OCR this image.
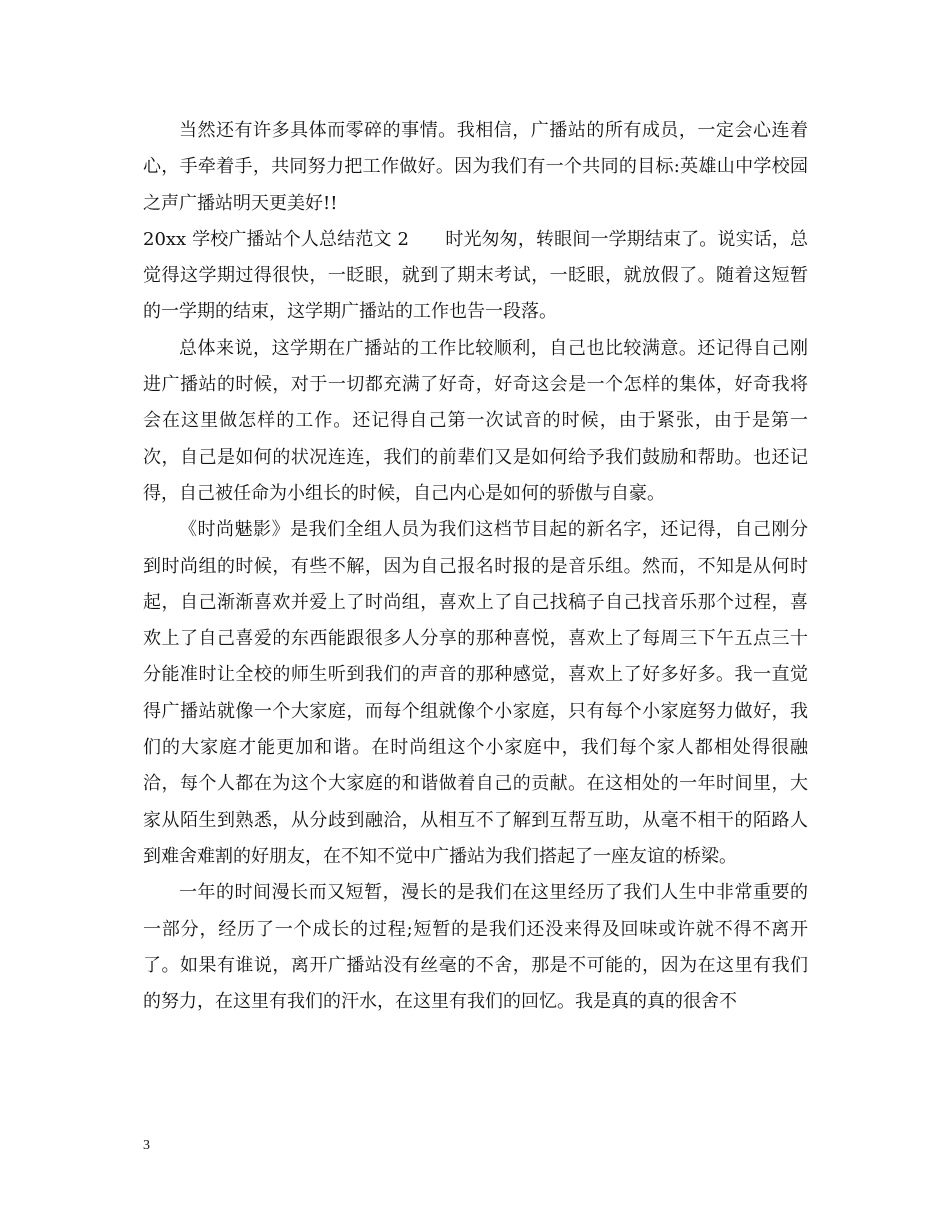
当然还有许多具体而零碎的事情。我相信，广播站的所有成员，一定会心连着心，手牵着手，共同努力把工作做好。因为我们有一个共同的目标:英雄山中学校园之声广播站明天更美好!!

20xx 学校广播站个人总结范文 2　　时光匆匆，转眼间一学期结束了。说实话，总觉得这学期过得很快，一眨眼，就到了期末考试，一眨眼，就放假了。随着这短暂的一学期的结束，这学期广播站的工作也告一段落。

总体来说，这学期在广播站的工作比较顺利，自己也比较满意。还记得自己刚进广播站的时候，对于一切都充满了好奇，好奇这会是一个怎样的集体，好奇我将会在这里做怎样的工作。还记得自己第一次试音的时候，由于紧张，由于是第一次，自己是如何的状况连连，我们的前辈们又是如何给予我们鼓励和帮助。也还记得，自己被任命为小组长的时候，自己内心是如何的骄傲与自豪。

《时尚魅影》是我们全组人员为我们这档节目起的新名字，还记得，自己刚分到时尚组的时候，有些不解，因为自己报名时报的是音乐组。然而，不知是从何时起，自己渐渐喜欢并爱上了时尚组，喜欢上了自己找稿子自己找音乐那个过程，喜欢上了自己喜爱的东西能跟很多人分享的那种喜悦，喜欢上了每周三下午五点三十分能准时让全校的师生听到我们的声音的那种感觉，喜欢上了好多好多。我一直觉得广播站就像一个大家庭，而每个组就像个小家庭，只有每个小家庭努力做好，我们的大家庭才能更加和谐。在时尚组这个小家庭中，我们每个家人都相处得很融洽，每个人都在为这个大家庭的和谐做着自己的贡献。在这相处的一年时间里，大家从陌生到熟悉，从分歧到融洽，从相互不了解到互帮互助，从毫不相干的陌路人到难舍难割的好朋友，在不知不觉中广播站为我们搭起了一座友谊的桥梁。

一年的时间漫长而又短暂，漫长的是我们在这里经历了我们人生中非常重要的一部分，经历了一个成长的过程;短暂的是我们还没来得及回味或许就不得不离开了。如果有谁说，离开广播站没有丝毫的不舍，那是不可能的，因为在这里有我们的努力，在这里有我们的汗水，在这里有我们的回忆。我是真的真的很舍不

3
